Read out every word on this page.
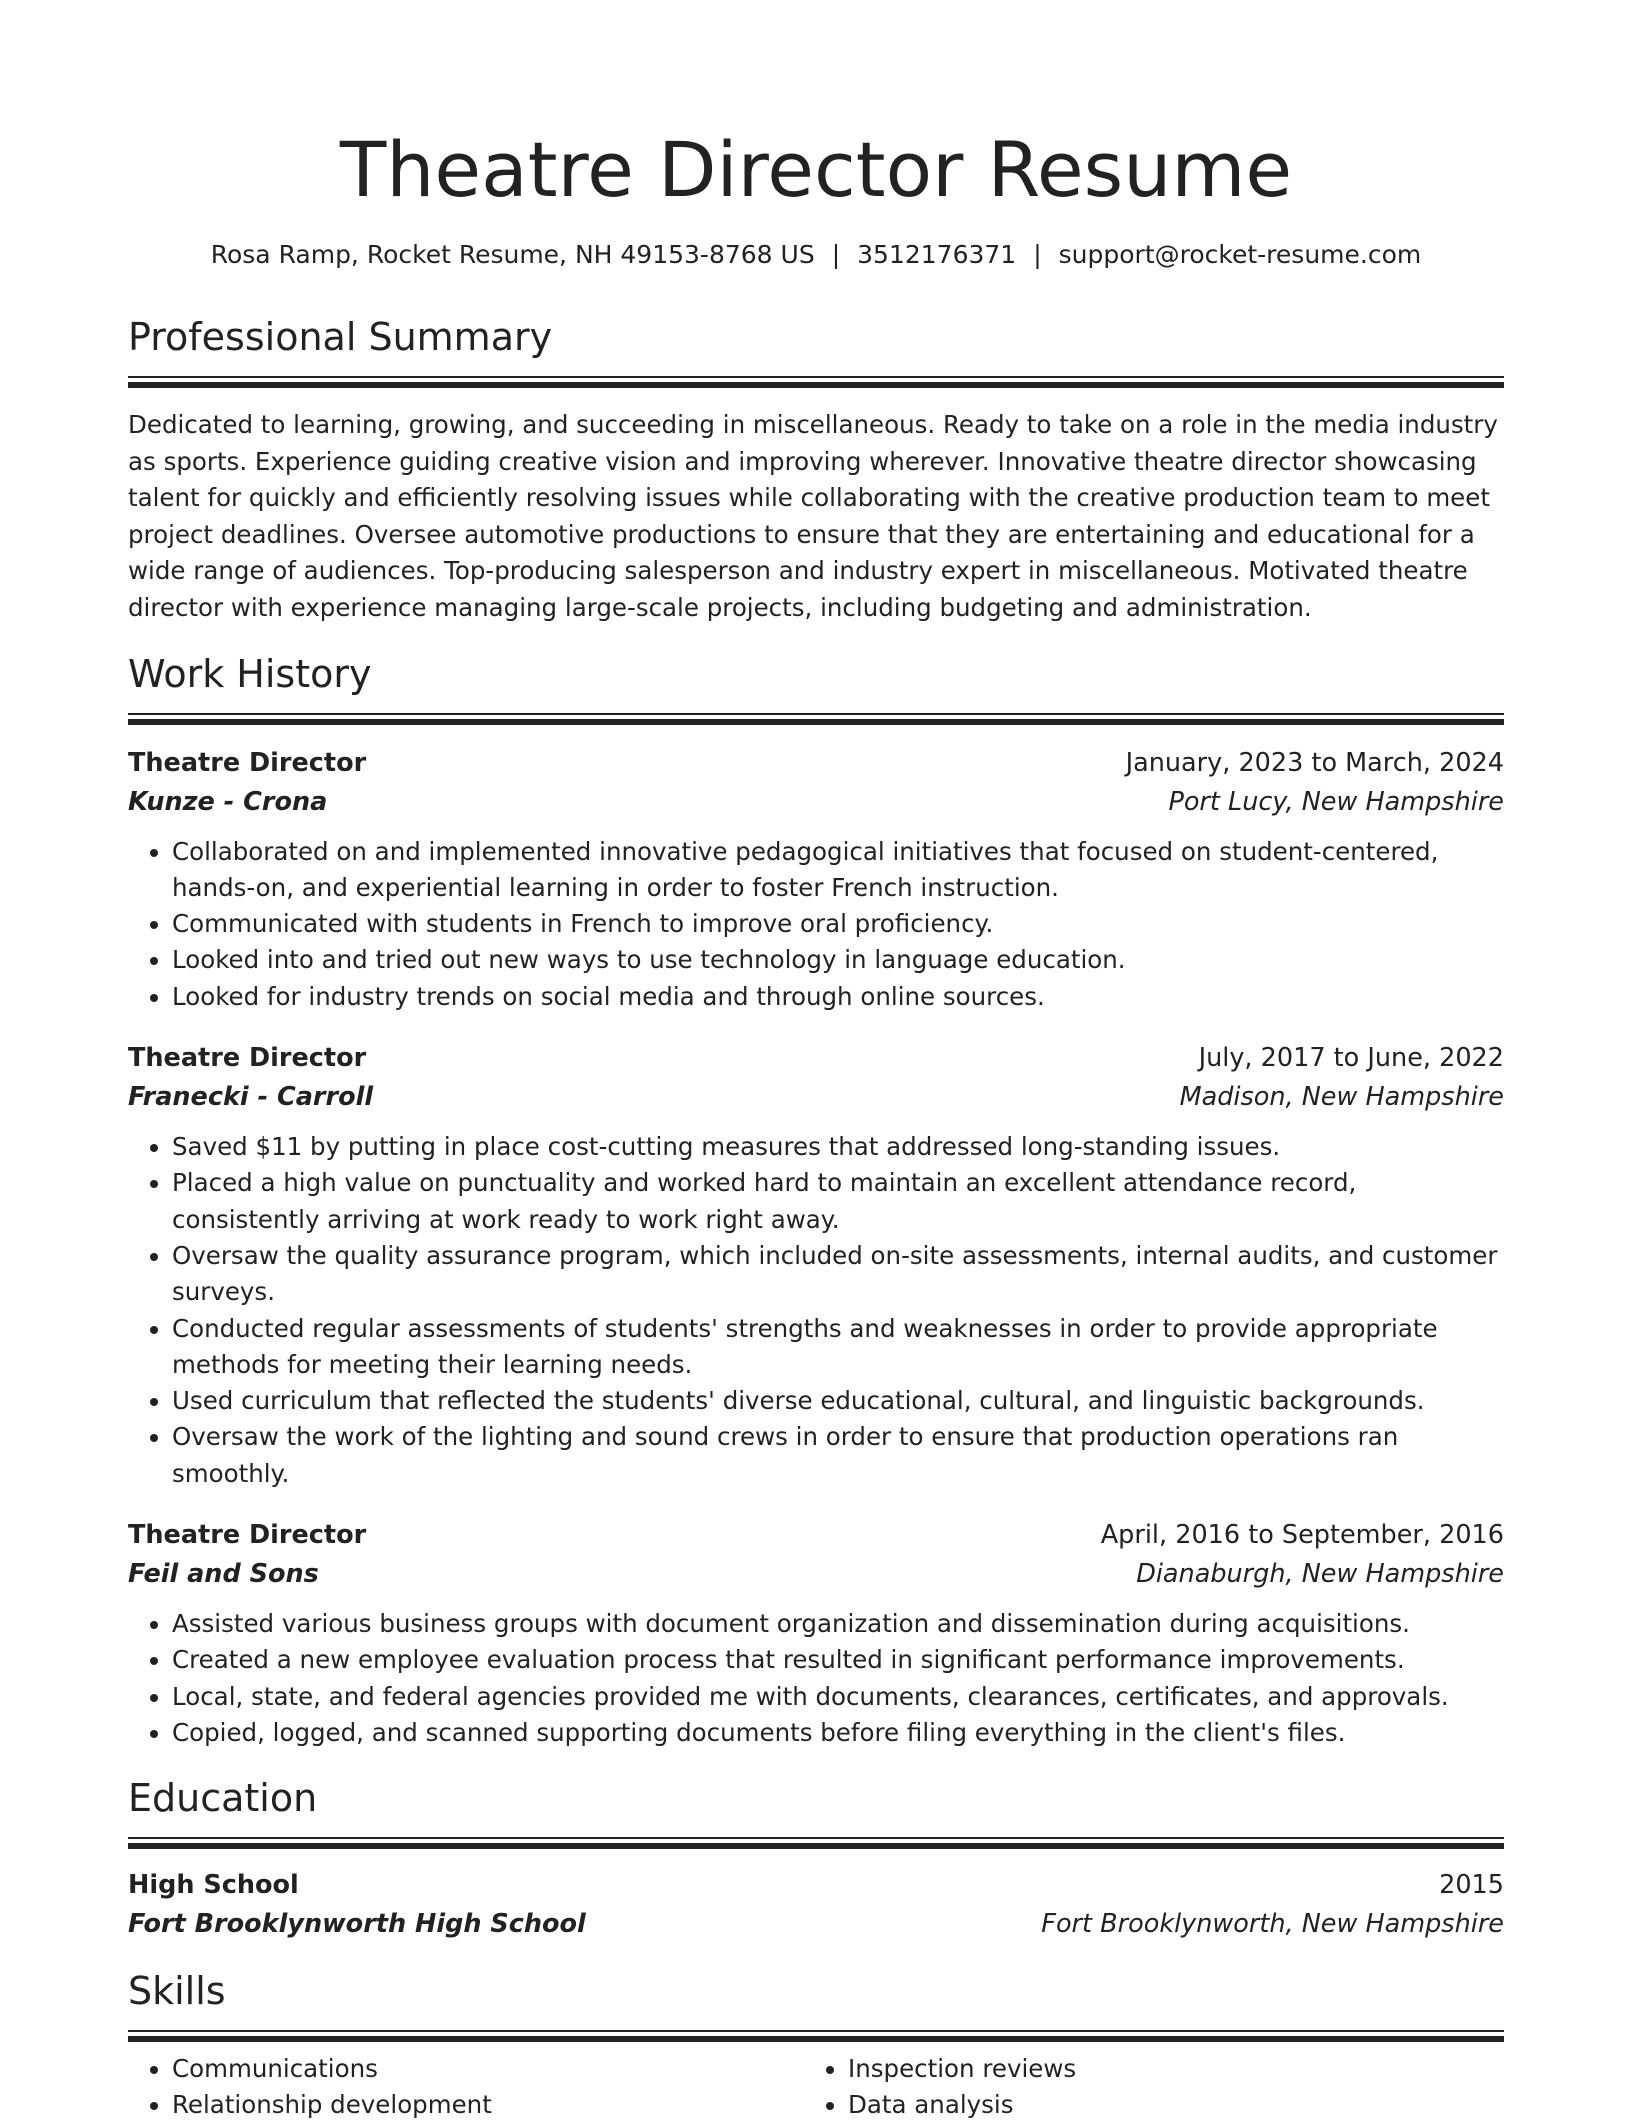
Theatre Director Resume
Rosa Ramp, Rocket Resume, NH 49153-8768 US | 3512176371 | support@rocket-resume.com
Professional Summary

Dedicated to learning, growing, and succeeding in miscellaneous. Ready to take on a role in the media industry as sports. Experience guiding creative vision and improving wherever. Innovative theatre director showcasing talent for quickly and efficiently resolving issues while collaborating with the creative production team to meet project deadlines. Oversee automotive productions to ensure that they are entertaining and educational for a wide range of audiences. Top-producing salesperson and industry expert in miscellaneous. Motivated theatre director with experience managing large-scale projects, including budgeting and administration.

Work History
Theatre Director	January, 2023 to March, 2024
Kunze - Crona	Port Lucy, New Hampshire
• Collaborated on and implemented innovative pedagogical initiatives that focused on student-centered, hands-on, and experiential learning in order to foster French instruction.
• Communicated with students in French to improve oral proficiency.
• Looked into and tried out new ways to use technology in language education.
• Looked for industry trends on social media and through online sources.
Theatre Director	July, 2017 to June, 2022
Franecki - Carroll	Madison, New Hampshire
• Saved $11 by putting in place cost-cutting measures that addressed long-standing issues.
• Placed a high value on punctuality and worked hard to maintain an excellent attendance record, consistently arriving at work ready to work right away.
• Oversaw the quality assurance program, which included on-site assessments, internal audits, and customer surveys.
• Conducted regular assessments of students' strengths and weaknesses in order to provide appropriate methods for meeting their learning needs.
• Used curriculum that reflected the students' diverse educational, cultural, and linguistic backgrounds.
• Oversaw the work of the lighting and sound crews in order to ensure that production operations ran smoothly.
Theatre Director	April, 2016 to September, 2016
Feil and Sons	Dianaburgh, New Hampshire
• Assisted various business groups with document organization and dissemination during acquisitions.
• Created a new employee evaluation process that resulted in significant performance improvements.
• Local, state, and federal agencies provided me with documents, clearances, certificates, and approvals.
• Copied, logged, and scanned supporting documents before filing everything in the client's files.
Education
High School	2015
Fort Brooklynworth High School	Fort Brooklynworth, New Hampshire
Skills
• Communications
• Relationship development
• Inspection reviews
• Data analysis
